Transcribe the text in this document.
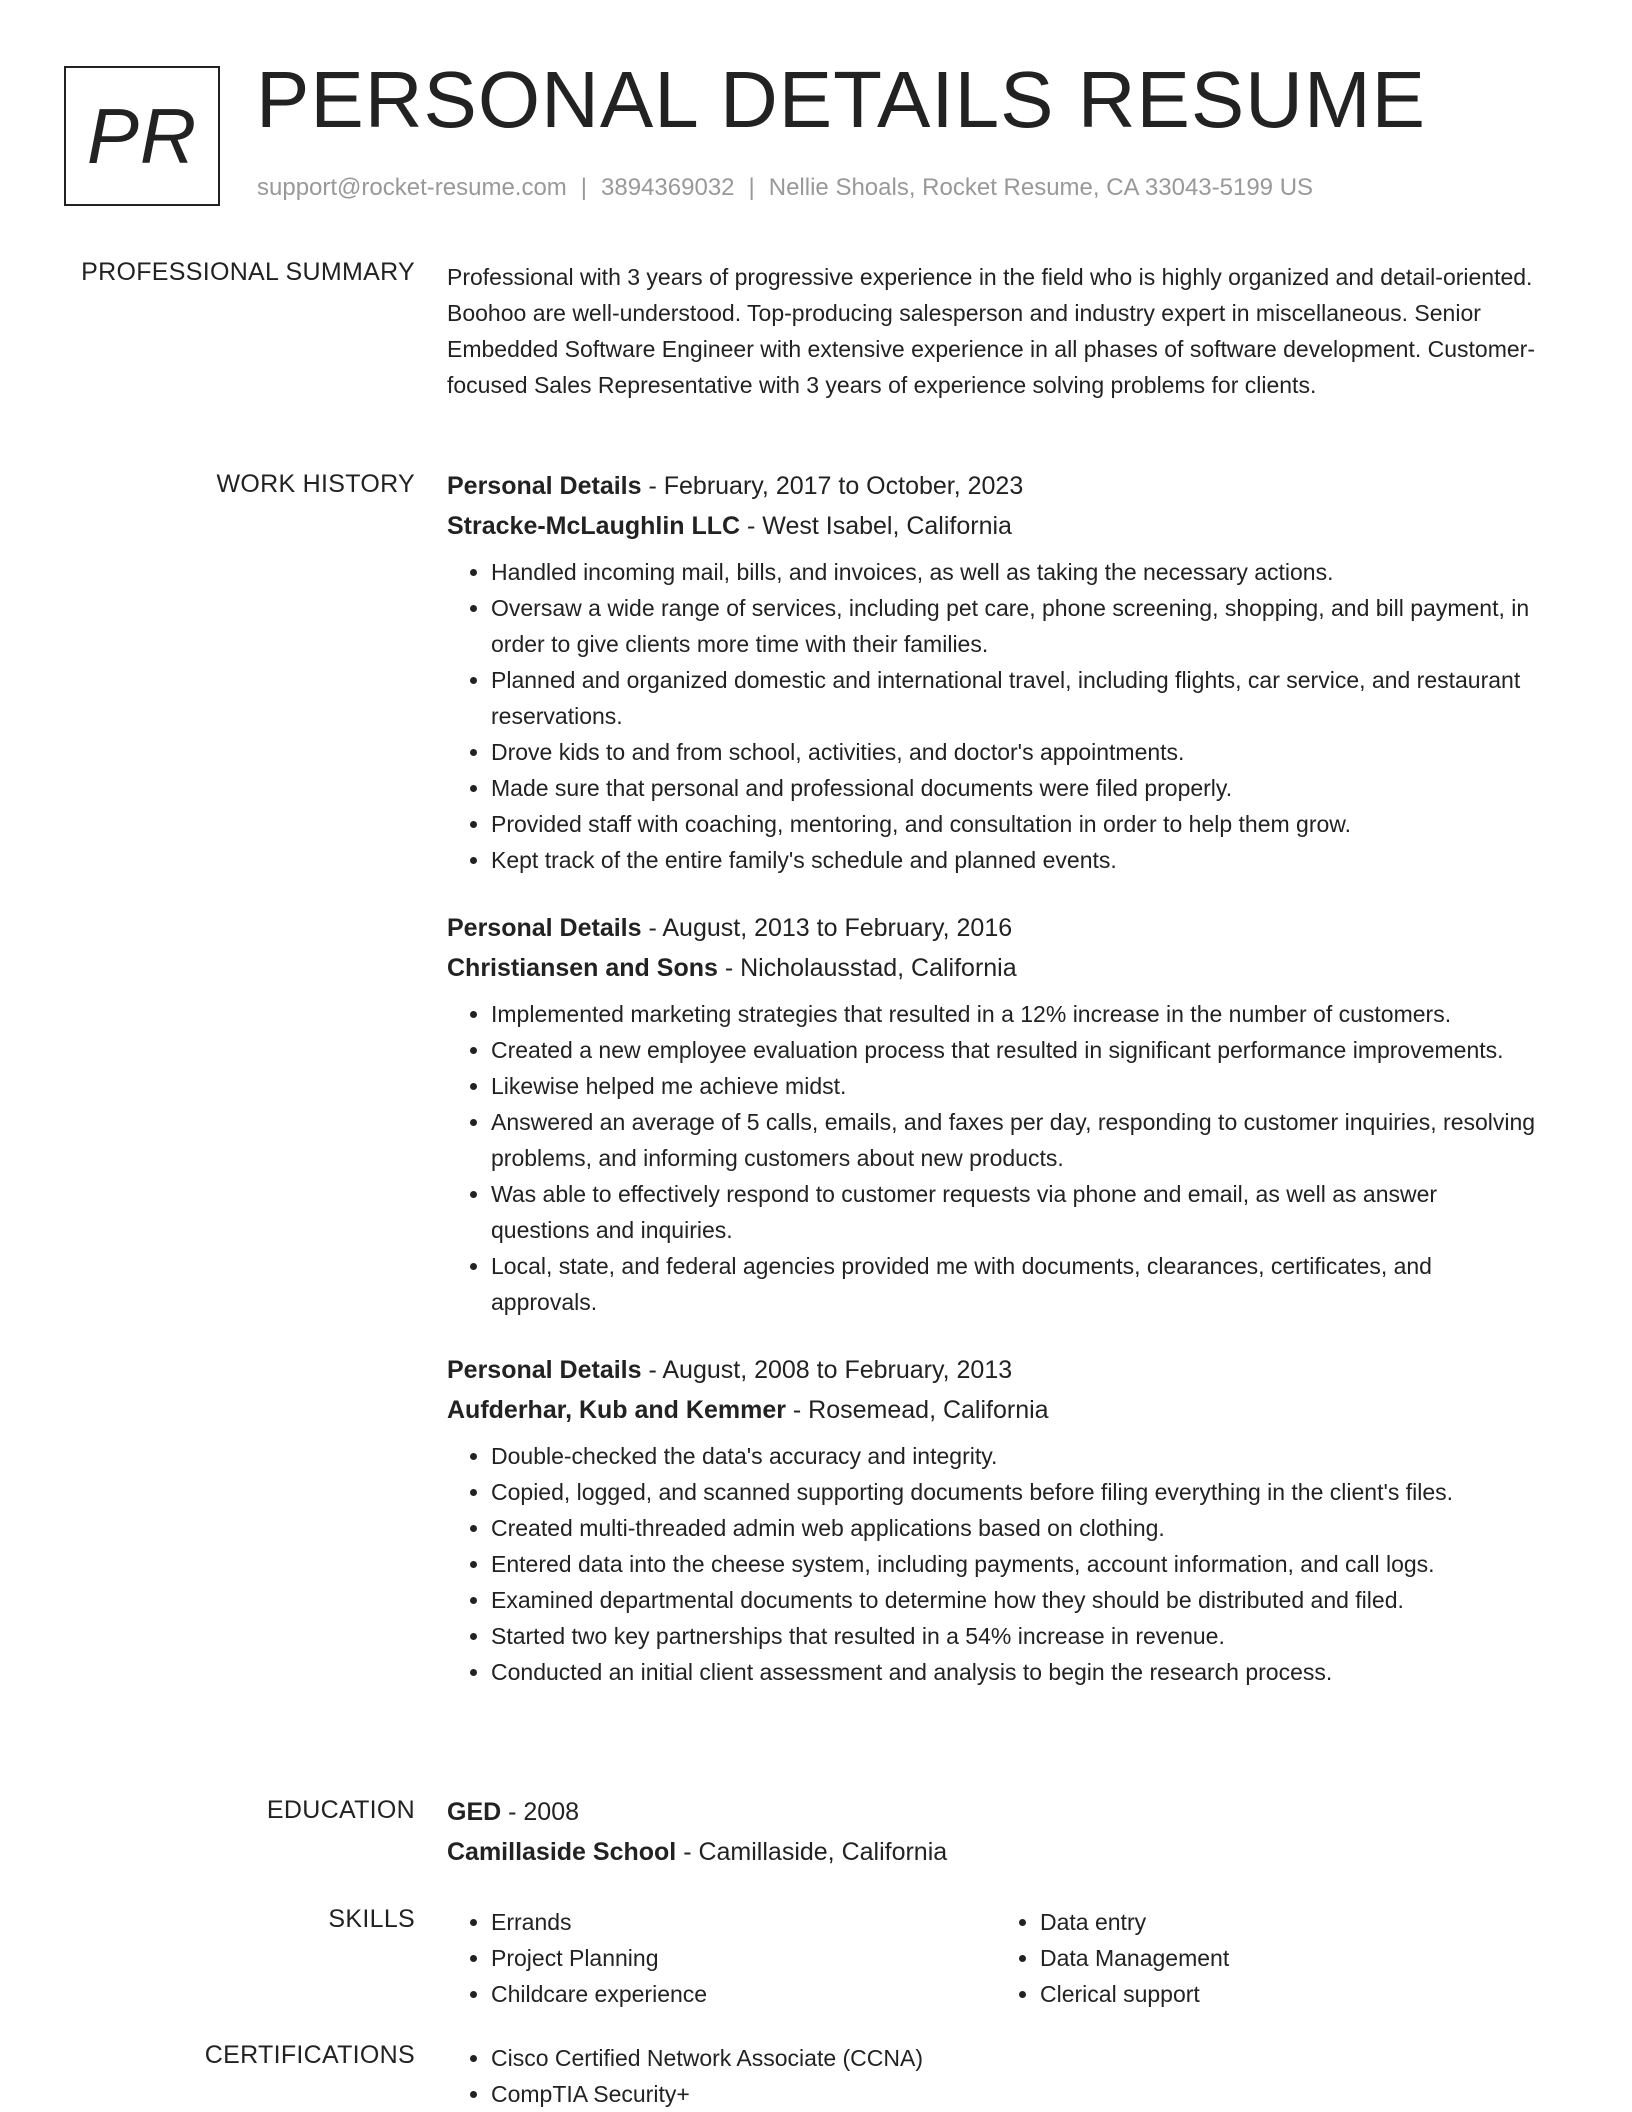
PR PERSONAL DETAILS RESUME
support@rocket-resume.com | 3894369032 | Nellie Shoals, Rocket Resume, CA 33043-5199 US
PROFESSIONAL SUMMARY Professional with 3 years of progressive experience in the field who is highly organized and detail-oriented. Boohoo are well-understood. Top-producing salesperson and industry expert in miscellaneous. Senior Embedded Software Engineer with extensive experience in all phases of software development. Customer-focused Sales Representative with 3 years of experience solving problems for clients.

WORK HISTORY Personal Details - February, 2017 to October, 2023
Stracke-McLaughlin LLC - West Isabel, California
• Handled incoming mail, bills, and invoices, as well as taking the necessary actions.
• Oversaw a wide range of services, including pet care, phone screening, shopping, and bill payment, in order to give clients more time with their families.
• Planned and organized domestic and international travel, including flights, car service, and restaurant reservations.
• Drove kids to and from school, activities, and doctor's appointments.
• Made sure that personal and professional documents were filed properly.
• Provided staff with coaching, mentoring, and consultation in order to help them grow.
• Kept track of the entire family's schedule and planned events.
Personal Details - August, 2013 to February, 2016
Christiansen and Sons - Nicholausstad, California
• Implemented marketing strategies that resulted in a 12% increase in the number of customers.
• Created a new employee evaluation process that resulted in significant performance improvements.
• Likewise helped me achieve midst.
• Answered an average of 5 calls, emails, and faxes per day, responding to customer inquiries, resolving problems, and informing customers about new products.
• Was able to effectively respond to customer requests via phone and email, as well as answer questions and inquiries.
• Local, state, and federal agencies provided me with documents, clearances, certificates, and approvals.
Personal Details - August, 2008 to February, 2013
Aufderhar, Kub and Kemmer - Rosemead, California
• Double-checked the data's accuracy and integrity.
• Copied, logged, and scanned supporting documents before filing everything in the client's files.
• Created multi-threaded admin web applications based on clothing.
• Entered data into the cheese system, including payments, account information, and call logs.
• Examined departmental documents to determine how they should be distributed and filed.
• Started two key partnerships that resulted in a 54% increase in revenue.
• Conducted an initial client assessment and analysis to begin the research process.
EDUCATION GED - 2008
Camillaside School - Camillaside, California
SKILLS	• Errands
• Project Planning
• Childcare experience
• Data entry
• Data Management
• Clerical support
CERTIFICATIONS	• Cisco Certified Network Associate (CCNA)
• CompTIA Security+
